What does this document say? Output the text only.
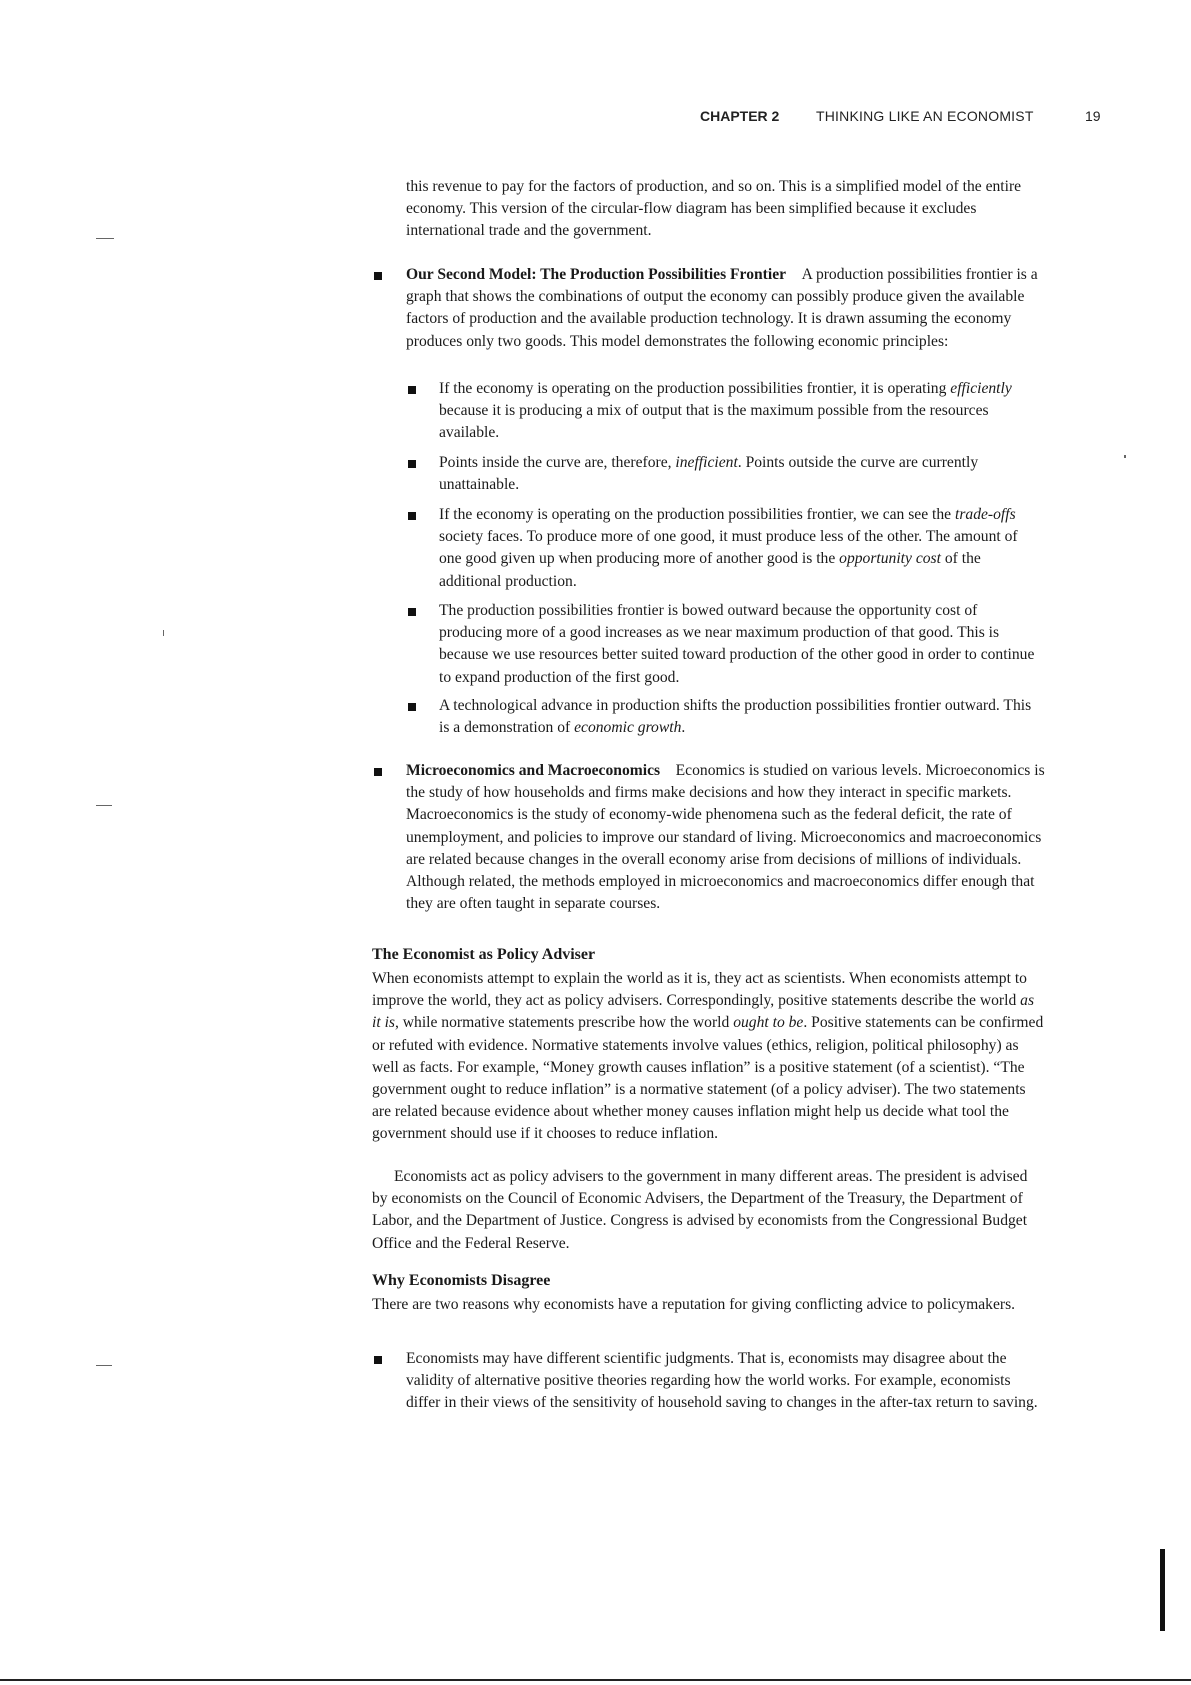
CHAPTER 2	THINKING LIKE AN ECONOMIST	19

this revenue to pay for the factors of production, and so on. This is a simplified model of the entire economy. This version of the circular-flow diagram has been simplified because it excludes international trade and the government.

Our Second Model: The Production Possibilities Frontier A production possibilities frontier is a graph that shows the combinations of output the economy can possibly produce given the available factors of production and the available production technology. It is drawn assuming the economy produces only two goods. This model demonstrates the following economic principles:

If the economy is operating on the production possibilities frontier, it is operating efficiently because it is producing a mix of output that is the maximum possible from the resources available.

Points inside the curve are, therefore, inefficient. Points outside the curve are currently unattainable.

If the economy is operating on the production possibilities frontier, we can see the trade-offs society faces. To produce more of one good, it must produce less of the other. The amount of one good given up when producing more of another good is the opportunity cost of the additional production.

The production possibilities frontier is bowed outward because the opportunity cost of producing more of a good increases as we near maximum production of that good. This is because we use resources better suited toward production of the other good in order to continue to expand production of the first good.

A technological advance in production shifts the production possibilities frontier outward. This is a demonstration of economic growth.

Microeconomics and Macroeconomics Economics is studied on various levels. Microeconomics is the study of how households and firms make decisions and how they interact in specific markets. Macroeconomics is the study of economy-wide phenomena such as the federal deficit, the rate of unemployment, and policies to improve our standard of living. Microeconomics and macroeconomics are related because changes in the overall economy arise from decisions of millions of individuals. Although related, the methods employed in microeconomics and macroeconomics differ enough that they are often taught in separate courses.

The Economist as Policy Adviser

When economists attempt to explain the world as it is, they act as scientists. When economists attempt to improve the world, they act as policy advisers. Correspondingly, positive statements describe the world as it is, while normative statements prescribe how the world ought to be. Positive statements can be confirmed or refuted with evidence. Normative statements involve values (ethics, religion, political philosophy) as well as facts. For example, “Money growth causes inflation” is a positive statement (of a scientist). “The government ought to reduce inflation” is a normative statement (of a policy adviser). The two statements are related because evidence about whether money causes inflation might help us decide what tool the government should use if it chooses to reduce inflation.

Economists act as policy advisers to the government in many different areas. The president is advised by economists on the Council of Economic Advisers, the Department of the Treasury, the Department of Labor, and the Department of Justice. Congress is advised by economists from the Congressional Budget Office and the Federal Reserve.

Why Economists Disagree

There are two reasons why economists have a reputation for giving conflicting advice to policymakers.

Economists may have different scientific judgments. That is, economists may disagree about the validity of alternative positive theories regarding how the world works. For example, economists differ in their views of the sensitivity of household saving to changes in the after-tax return to saving.
